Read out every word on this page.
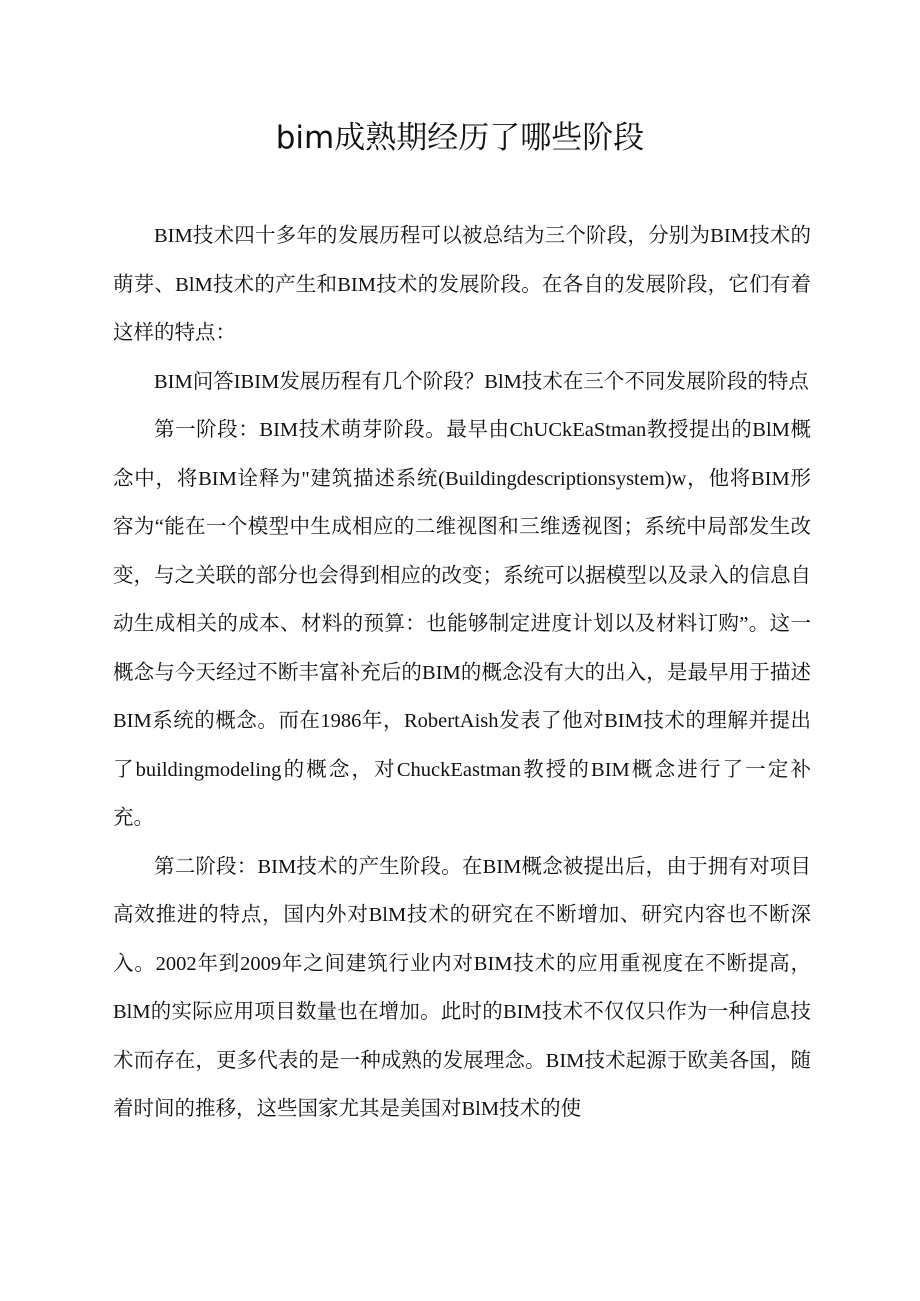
bim成熟期经历了哪些阶段

BIM技术四十多年的发展历程可以被总结为三个阶段，分别为BIM技术的萌芽、BlM技术的产生和BIM技术的发展阶段。在各自的发展阶段，它们有着这样的特点：

BIM问答IBIM发展历程有几个阶段？BlM技术在三个不同发展阶段的特点

第一阶段：BIM技术萌芽阶段。最早由ChUCkEaStman教授提出的BlM概念中，将BIM诠释为"建筑描述系统(Buildingdescriptionsystem)w，他将BIM形容为“能在一个模型中生成相应的二维视图和三维透视图；系统中局部发生改变，与之关联的部分也会得到相应的改变；系统可以据模型以及录入的信息自动生成相关的成本、材料的预算：也能够制定进度计划以及材料订购”。这一概念与今天经过不断丰富补充后的BIM的概念没有大的出入，是最早用于描述BIM系统的概念。而在1986年，RobertAish发表了他对BIM技术的理解并提出了buildingmodeling的概念，对ChuckEastman教授的BIM概念进行了一定补充。

第二阶段：BIM技术的产生阶段。在BIM概念被提出后，由于拥有对项目高效推进的特点，国内外对BlM技术的研究在不断增加、研究内容也不断深入。2002年到2009年之间建筑行业内对BIM技术的应用重视度在不断提高，BlM的实际应用项目数量也在增加。此时的BIM技术不仅仅只作为一种信息技术而存在，更多代表的是一种成熟的发展理念。BIM技术起源于欧美各国，随着时间的推移，这些国家尤其是美国对BlM技术的使
